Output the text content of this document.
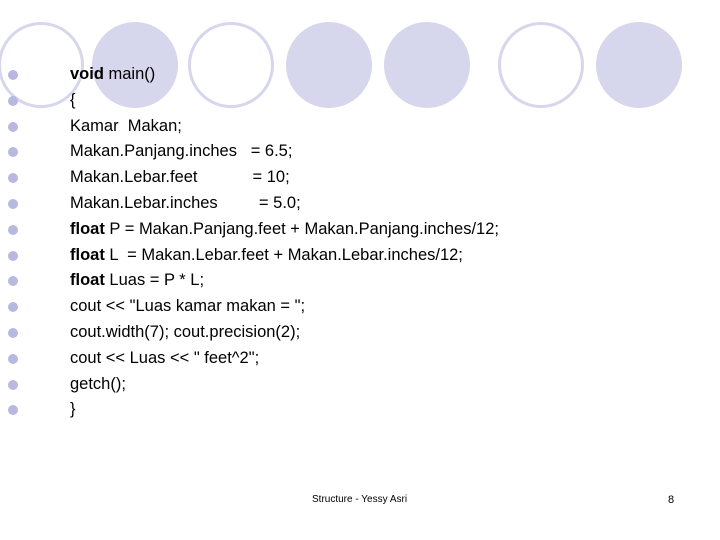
void main()
{
Kamar  Makan;
Makan.Panjang.inches   = 6.5;
Makan.Lebar.feet            = 10;
Makan.Lebar.inches         = 5.0;
float P = Makan.Panjang.feet + Makan.Panjang.inches/12;
float L  = Makan.Lebar.feet + Makan.Lebar.inches/12;
float Luas = P * L;
cout << "Luas kamar makan = ";
cout.width(7); cout.precision(2);
cout << Luas << " feet^2";
getch();
}
Structure - Yessy Asri	8
